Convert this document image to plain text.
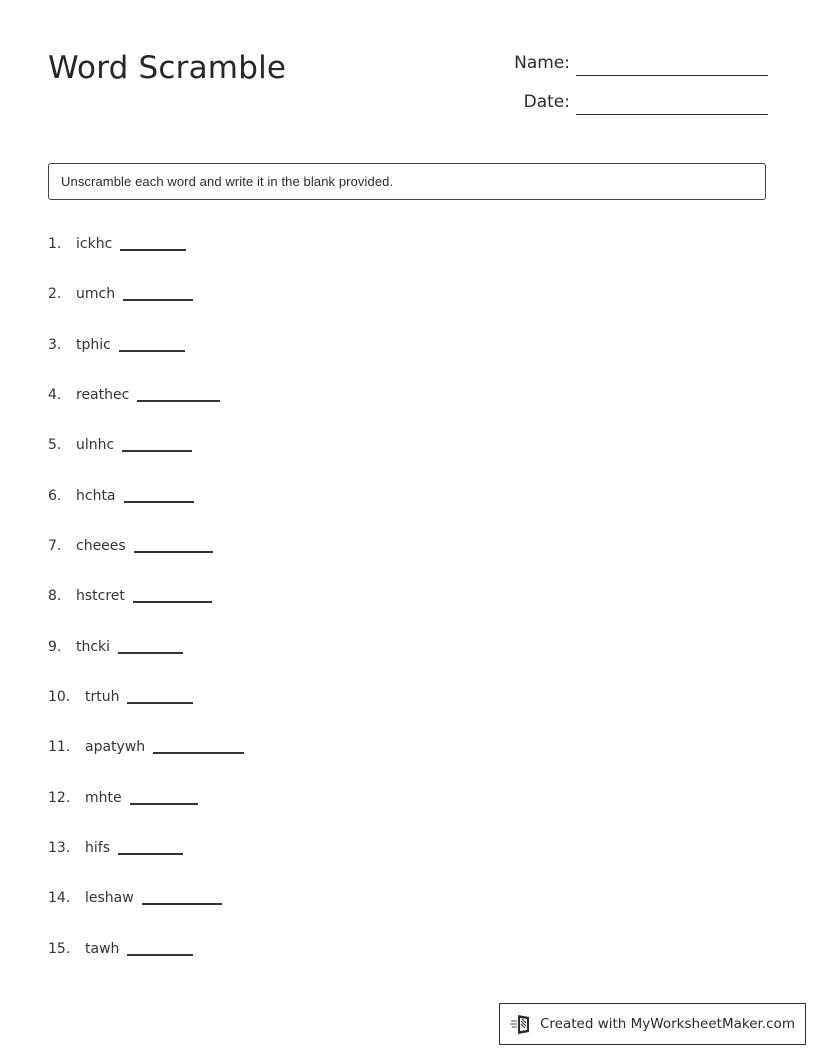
Word Scramble	Name:
Date:
Unscramble each word and write it in the blank provided.
1.	ickhc
2.	umch
3.	tphic
4.	reathec
5.	ulnhc
6.	hchta
7.	cheees
8.	hstcret
9.	thcki
10.	trtuh
11.	apatywh
12.	mhte
13.	hifs
14.	leshaw
15.	tawh
Created with MyWorksheetMaker.com
